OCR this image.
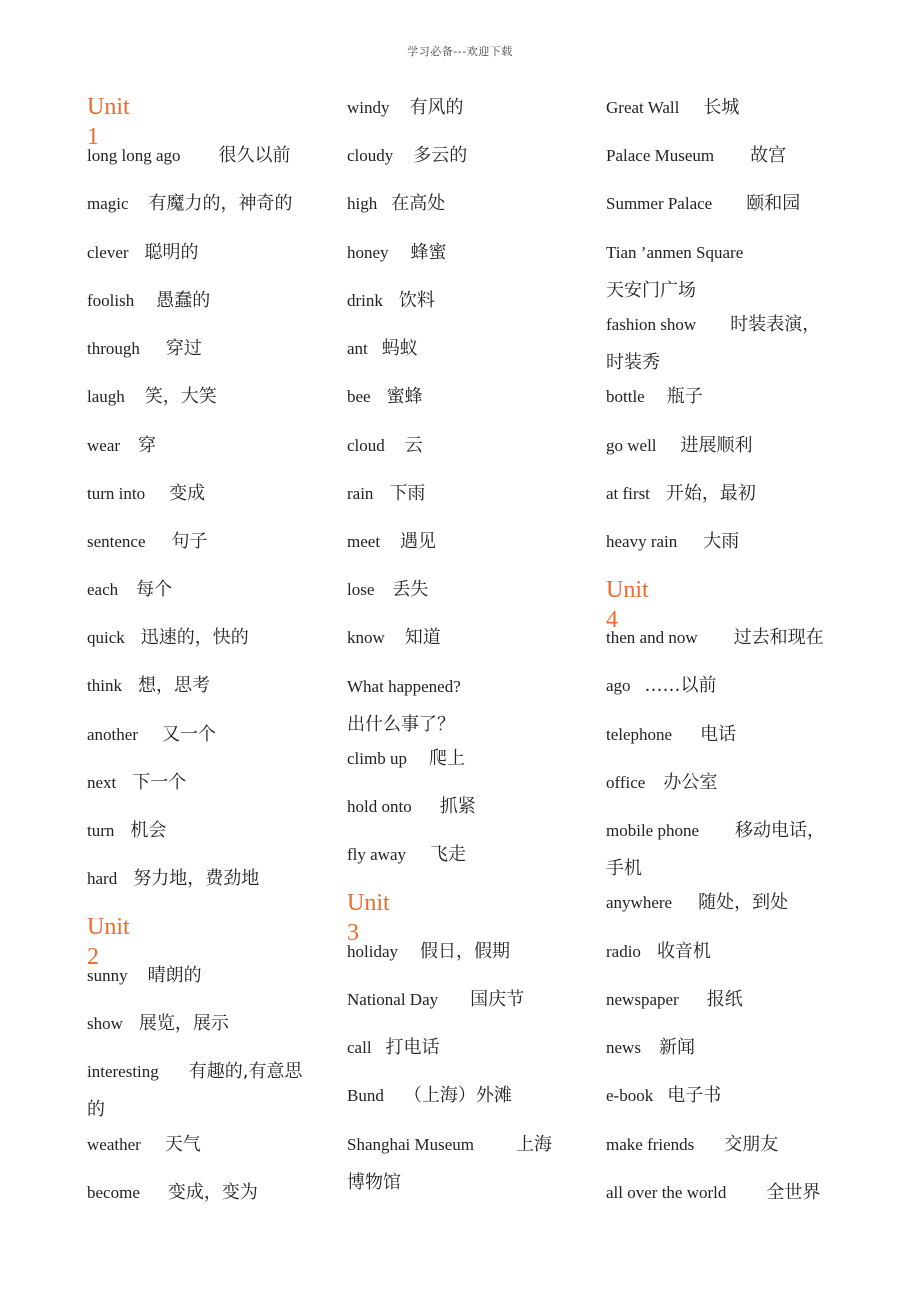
学习必备---欢迎下载
Unit 1
long long ago 很久以前
magic 有魔力的，神奇的
clever 聪明的
foolish 愚蠢的
through 穿过
laugh 笑，大笑
wear 穿
turn into 变成
sentence 句子
each 每个
quick 迅速的，快的
think 想，思考
another 又一个
next 下一个
turn 机会
hard 努力地，费劲地
Unit 2
sunny 晴朗的
show 展览，展示
interesting 有趣的,有意思
的
weather 天气
become 变成，变为
windy 有风的
cloudy 多云的
high 在高处
honey 蜂蜜
drink 饮料
ant 蚂蚁
bee 蜜蜂
cloud 云
rain 下雨
meet 遇见
lose 丢失
know 知道
What happened?
出什么事了？
climb up 爬上
hold onto 抓紧
fly away 飞走
Unit 3
holiday 假日，假期
National Day 国庆节
call 打电话
Bund （上海）外滩
Shanghai Museum 上海
博物馆
Great Wall 长城
Palace Museum 故宫
Summer Palace 颐和园
Tian ’anmen Square
天安门广场
fashion show 时装表演，
时装秀
bottle 瓶子
go well 进展顺利
at first 开始，最初
heavy rain 大雨
Unit 4
then and now 过去和现在
ago ……以前
telephone 电话
office 办公室
mobile phone 移动电话，
手机
anywhere 随处，到处
radio 收音机
newspaper 报纸
news 新闻
e-book 电子书
make friends 交朋友
all over the world 全世界
